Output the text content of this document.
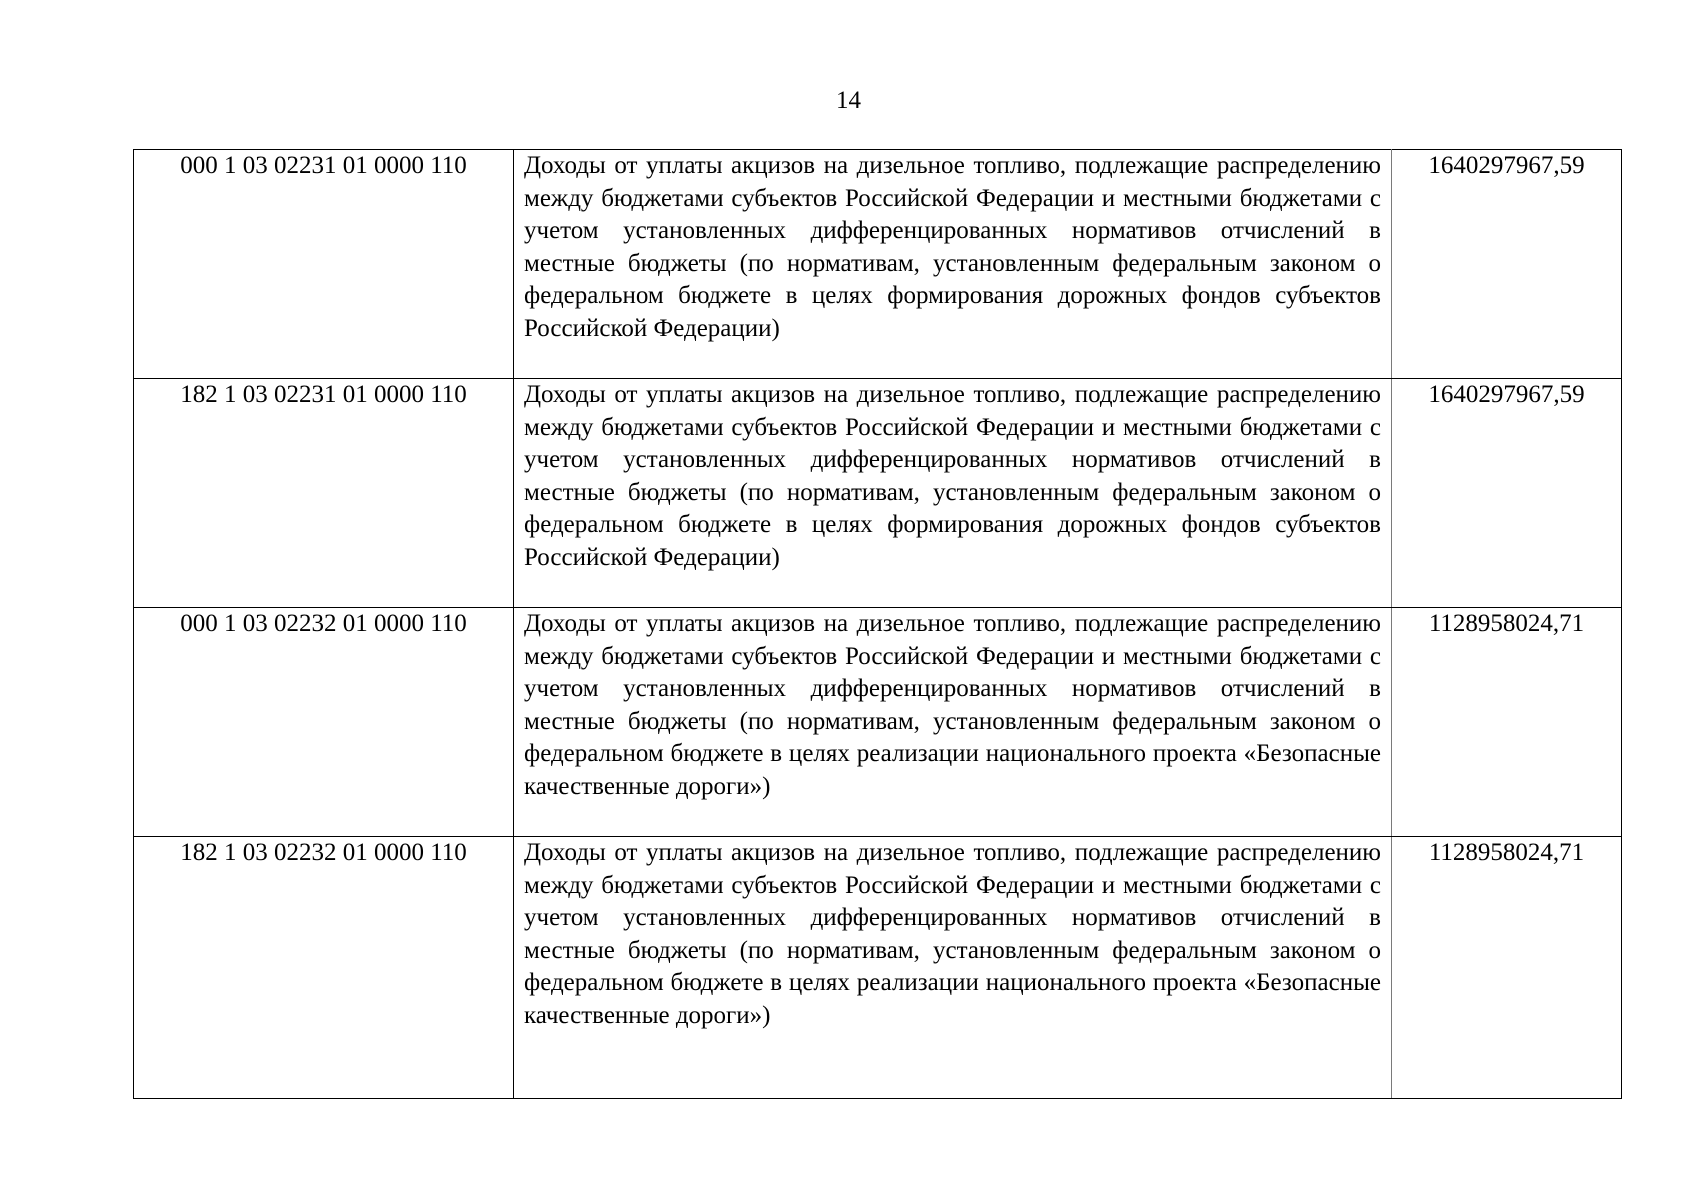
14
000 1 03 02231 01 0000 110	Доходы от уплаты акцизов на дизельное топливо, подлежащие распределению между бюджетами субъектов Российской Федерации и местными бюджетами с учетом установленных дифференцированных нормативов отчислений в местные бюджеты (по нормативам, установленным федеральным законом о федеральном бюджете в целях формирования дорожных фондов субъектов Российской Федерации)	1640297967,59
182 1 03 02231 01 0000 110	Доходы от уплаты акцизов на дизельное топливо, подлежащие распределению между бюджетами субъектов Российской Федерации и местными бюджетами с учетом установленных дифференцированных нормативов отчислений в местные бюджеты (по нормативам, установленным федеральным законом о федеральном бюджете в целях формирования дорожных фондов субъектов Российской Федерации)	1640297967,59
000 1 03 02232 01 0000 110	Доходы от уплаты акцизов на дизельное топливо, подлежащие распределению между бюджетами субъектов Российской Федерации и местными бюджетами с учетом установленных дифференцированных нормативов отчислений в местные бюджеты (по нормативам, установленным федеральным законом о федеральном бюджете в целях реализации национального проекта «Безопасные качественные дороги»)	1128958024,71
182 1 03 02232 01 0000 110	Доходы от уплаты акцизов на дизельное топливо, подлежащие распределению между бюджетами субъектов Российской Федерации и местными бюджетами с учетом установленных дифференцированных нормативов отчислений в местные бюджеты (по нормативам, установленным федеральным законом о федеральном бюджете в целях реализации национального проекта «Безопасные качественные дороги»)	1128958024,71
